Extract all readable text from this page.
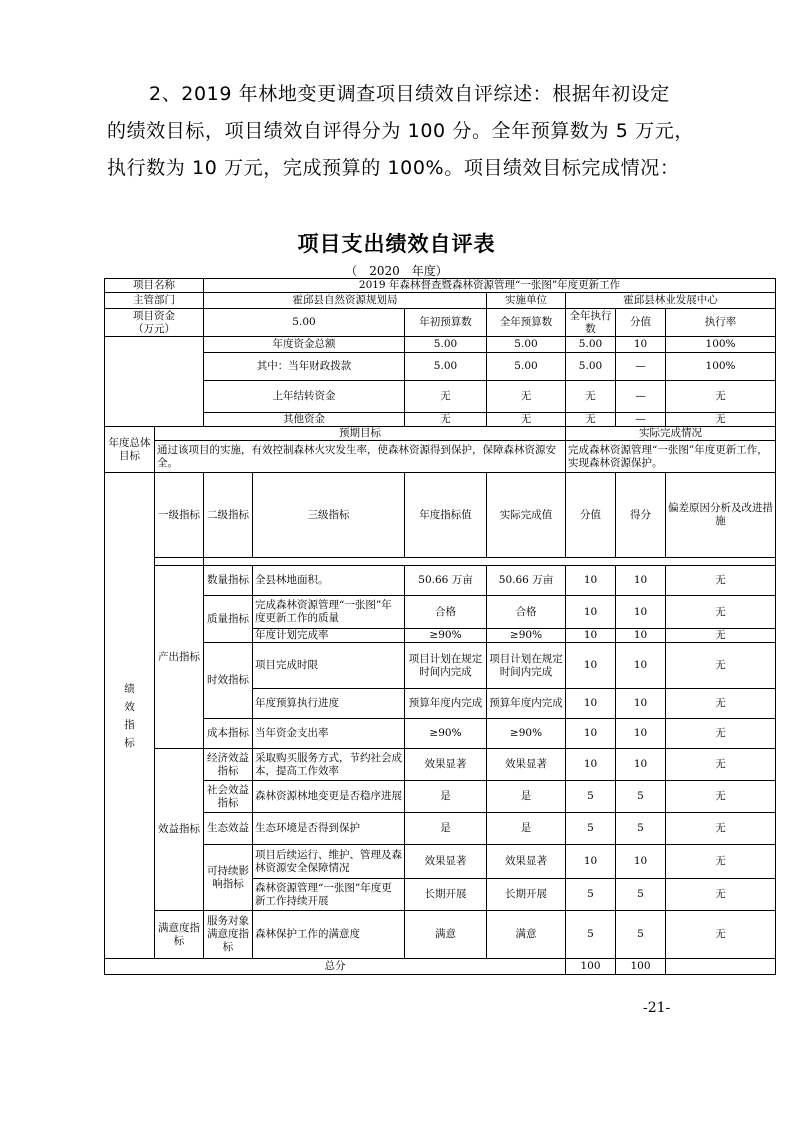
2、2019 年林地变更调查项目绩效自评综述：根据年初设定

的绩效目标，项目绩效自评得分为 100 分。全年预算数为 5 万元，

执行数为 10 万元，完成预算的 100%。项目绩效目标完成情况：

项目支出绩效自评表
（　2020　年度）
项目名称		2019 年森林督查暨森林资源管理“一张图”年度更新工作							
主管部门		霍邱县自然资源规划局			实施单位	霍邱县林业发展中心			

项目资金
（万元）		5.00		年初预算数	全年预算数	全年执行数	分值	执行率	
		年度资金总额		5.00	5.00	5.00	10	100%	
		其中：当年财政拨款		5.00	5.00	5.00	—	100%	
		上年结转资金		无	无	无	—	无	
		其他资金		无	无	无	—	无	
年度总体目标	预期目标					实际完成情况			
	通过该项目的实施，有效控制森林火灾发生率，使森林资源得到保护，保障森林资源安全。					完成森林资源管理“一张图”年度更新工作，实现森林资源保护。			

绩效指标	一级指标	二级指标	三级指标	年度指标值	实际完成值	分值	得分	偏差原因分析及改进措施	

	产出指标	数量指标	全县林地面积。	50.66 万亩	50.66 万亩	10	10	无	
		质量指标	完成森林资源管理“一张图”年度更新工作的质量	合格	合格	10	10	无	
			年度计划完成率	≥90%	≥90%	10	10	无	
		时效指标	项目完成时限	项目计划在规定时间内完成	项目计划在规定时间内完成	10	10	无	
			年度预算执行进度	预算年度内完成	预算年度内完成	10	10	无	
		成本指标	当年资金支出率	≥90%	≥90%	10	10	无	
	效益指标	经济效益指标	采取购买服务方式，节约社会成本，提高工作效率	效果显著	效果显著	10	10	无	
		社会效益指标	森林资源林地变更是否稳序进展	是	是	5	5	无	
		生态效益	生态环境是否得到保护	是	是	5	5	无	
		可持续影响指标	项目后续运行、维护、管理及森林资源安全保障情况	效果显著	效果显著	10	10	无	
			森林资源管理“一张图”年度更新工作持续开展	长期开展	长期开展	5	5	无	
	满意度指标	服务对象满意度指标	森林保护工作的满意度	满意	满意	5	5	无	
总分						100	100		
-21-
